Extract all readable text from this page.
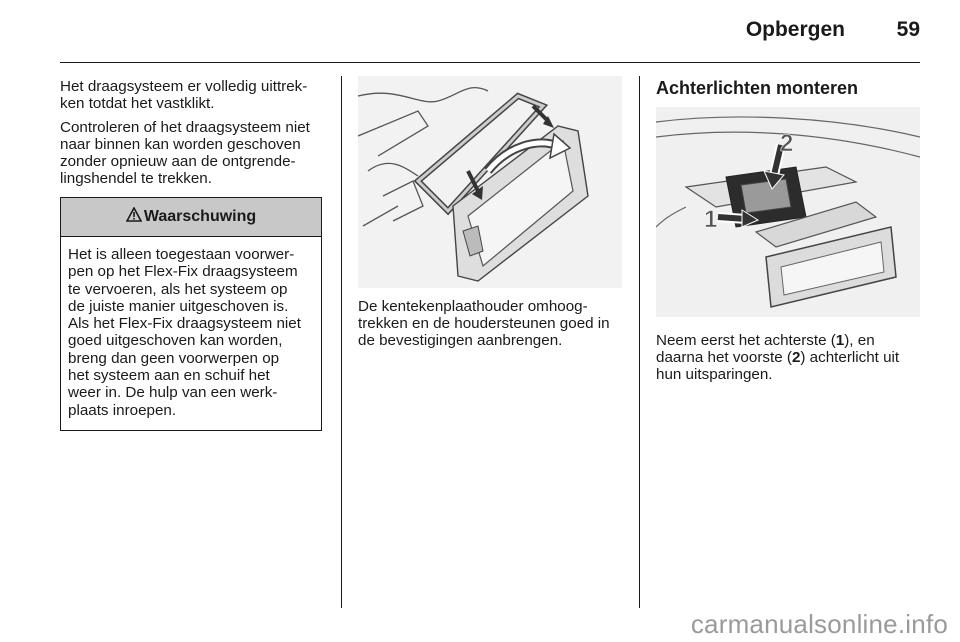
Opbergen 59

Het draagsysteem er volledig uittrek-
ken totdat het vastklikt.

Controleren of het draagsysteem niet
naar binnen kan worden geschoven
zonder opnieuw aan de ontgrende-
lingshendel te trekken.

Waarschuwing

Het is alleen toegestaan voorwer-
pen op het Flex-Fix draagsysteem
te vervoeren, als het systeem op
de juiste manier uitgeschoven is.
Als het Flex-Fix draagsysteem niet
goed uitgeschoven kan worden,
breng dan geen voorwerpen op
het systeem aan en schuif het
weer in. De hulp van een werk-
plaats inroepen.

De kentekenplaathouder omhoog-
trekken en de houdersteunen goed in
de bevestigingen aanbrengen.

Achterlichten monteren
2
1

Neem eerst het achterste (1), en
daarna het voorste (2) achterlicht uit
hun uitsparingen.

carmanualsonline.info
